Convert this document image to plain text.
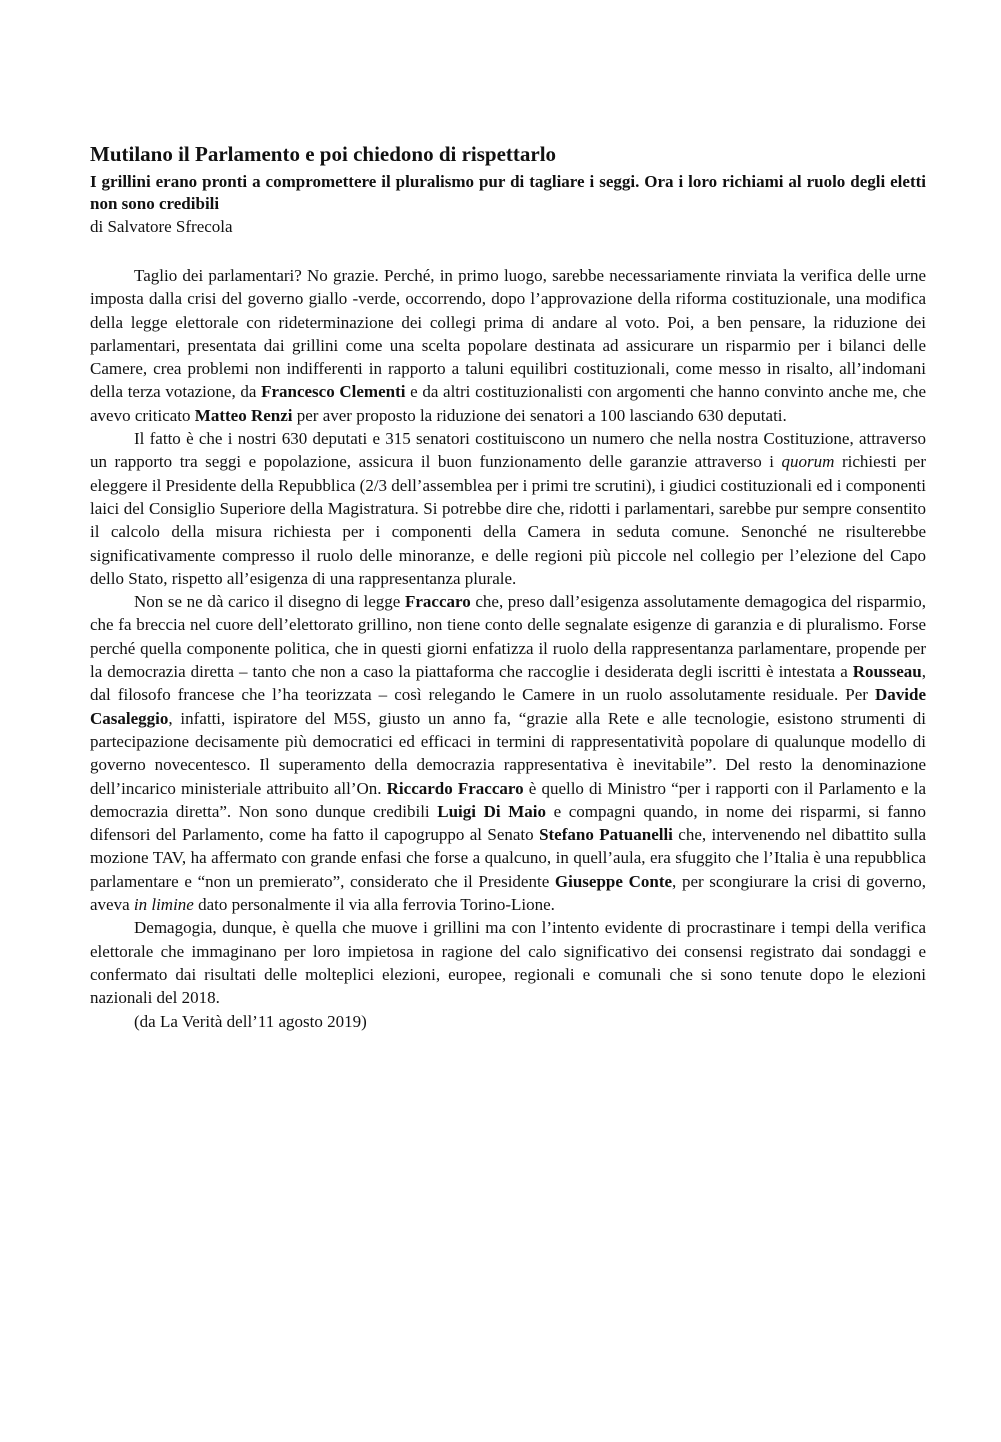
Mutilano il Parlamento e poi chiedono di rispettarlo

I grillini erano pronti a compromettere il pluralismo pur di tagliare i seggi. Ora i loro richiami al ruolo degli eletti non sono credibili

di Salvatore Sfrecola

Taglio dei parlamentari? No grazie. Perché, in primo luogo, sarebbe necessariamente rinviata la verifica delle urne imposta dalla crisi del governo giallo -verde, occorrendo, dopo l’approvazione della riforma costituzionale, una modifica della legge elettorale con rideterminazione dei collegi prima di andare al voto. Poi, a ben pensare, la riduzione dei parlamentari, presentata dai grillini come una scelta popolare destinata ad assicurare un risparmio per i bilanci delle Camere, crea problemi non indifferenti in rapporto a taluni equilibri costituzionali, come messo in risalto, all’indomani della terza votazione, da Francesco Clementi e da altri costituzionalisti con argomenti che hanno convinto anche me, che avevo criticato Matteo Renzi per aver proposto la riduzione dei senatori a 100 lasciando 630 deputati.

Il fatto è che i nostri 630 deputati e 315 senatori costituiscono un numero che nella nostra Costituzione, attraverso un rapporto tra seggi e popolazione, assicura il buon funzionamento delle garanzie attraverso i quorum richiesti per eleggere il Presidente della Repubblica (2/3 dell’assemblea per i primi tre scrutini), i giudici costituzionali ed i componenti laici del Consiglio Superiore della Magistratura. Si potrebbe dire che, ridotti i parlamentari, sarebbe pur sempre consentito il calcolo della misura richiesta per i componenti della Camera in seduta comune. Senonché ne risulterebbe significativamente compresso il ruolo delle minoranze, e delle regioni più piccole nel collegio per l’elezione del Capo dello Stato, rispetto all’esigenza di una rappresentanza plurale.

Non se ne dà carico il disegno di legge Fraccaro che, preso dall’esigenza assolutamente demagogica del risparmio, che fa breccia nel cuore dell’elettorato grillino, non tiene conto delle segnalate esigenze di garanzia e di pluralismo. Forse perché quella componente politica, che in questi giorni enfatizza il ruolo della rappresentanza parlamentare, propende per la democrazia diretta – tanto che non a caso la piattaforma che raccoglie i desiderata degli iscritti è intestata a Rousseau, dal filosofo francese che l’ha teorizzata – così relegando le Camere in un ruolo assolutamente residuale. Per Davide Casaleggio, infatti, ispiratore del M5S, giusto un anno fa, “grazie alla Rete e alle tecnologie, esistono strumenti di partecipazione decisamente più democratici ed efficaci in termini di rappresentatività popolare di qualunque modello di governo novecentesco. Il superamento della democrazia rappresentativa è inevitabile”. Del resto la denominazione dell’incarico ministeriale attribuito all’On. Riccardo Fraccaro è quello di Ministro “per i rapporti con il Parlamento e la democrazia diretta”. Non sono dunque credibili Luigi Di Maio e compagni quando, in nome dei risparmi, si fanno difensori del Parlamento, come ha fatto il capogruppo al Senato Stefano Patuanelli che, intervenendo nel dibattito sulla mozione TAV, ha affermato con grande enfasi che forse a qualcuno, in quell’aula, era sfuggito che l’Italia è una repubblica parlamentare e “non un premierato”, considerato che il Presidente Giuseppe Conte, per scongiurare la crisi di governo, aveva in limine dato personalmente il via alla ferrovia Torino-Lione.

Demagogia, dunque, è quella che muove i grillini ma con l’intento evidente di procrastinare i tempi della verifica elettorale che immaginano per loro impietosa in ragione del calo significativo dei consensi registrato dai sondaggi e confermato dai risultati delle molteplici elezioni, europee, regionali e comunali che si sono tenute dopo le elezioni nazionali del 2018.

(da La Verità dell’11 agosto 2019)
